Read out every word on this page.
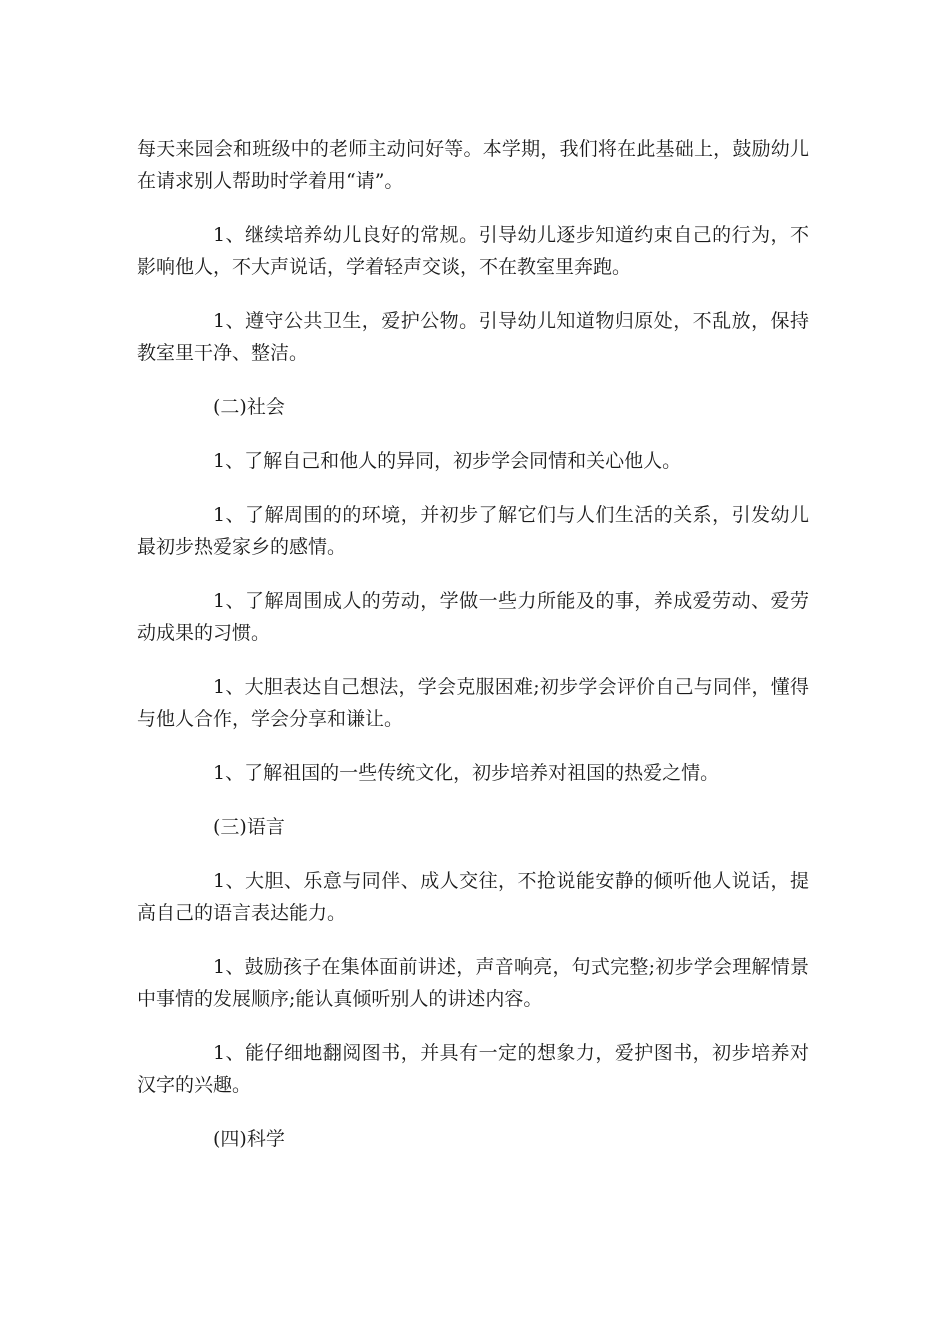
每天来园会和班级中的老师主动问好等。本学期，我们将在此基础上，鼓励幼儿在请求别人帮助时学着用“请”。

1、继续培养幼儿良好的常规。引导幼儿逐步知道约束自己的行为，不影响他人，不大声说话，学着轻声交谈，不在教室里奔跑。

1、遵守公共卫生，爱护公物。引导幼儿知道物归原处，不乱放，保持教室里干净、整洁。

(二)社会

1、了解自己和他人的异同，初步学会同情和关心他人。

1、了解周围的的环境，并初步了解它们与人们生活的关系，引发幼儿最初步热爱家乡的感情。

1、了解周围成人的劳动，学做一些力所能及的事，养成爱劳动、爱劳动成果的习惯。

1、大胆表达自己想法，学会克服困难;初步学会评价自己与同伴，懂得与他人合作，学会分享和谦让。

1、了解祖国的一些传统文化，初步培养对祖国的热爱之情。

(三)语言

1、大胆、乐意与同伴、成人交往，不抢说能安静的倾听他人说话，提高自己的语言表达能力。

1、鼓励孩子在集体面前讲述，声音响亮，句式完整;初步学会理解情景中事情的发展顺序;能认真倾听别人的讲述内容。

1、能仔细地翻阅图书，并具有一定的想象力，爱护图书，初步培养对汉字的兴趣。

(四)科学
